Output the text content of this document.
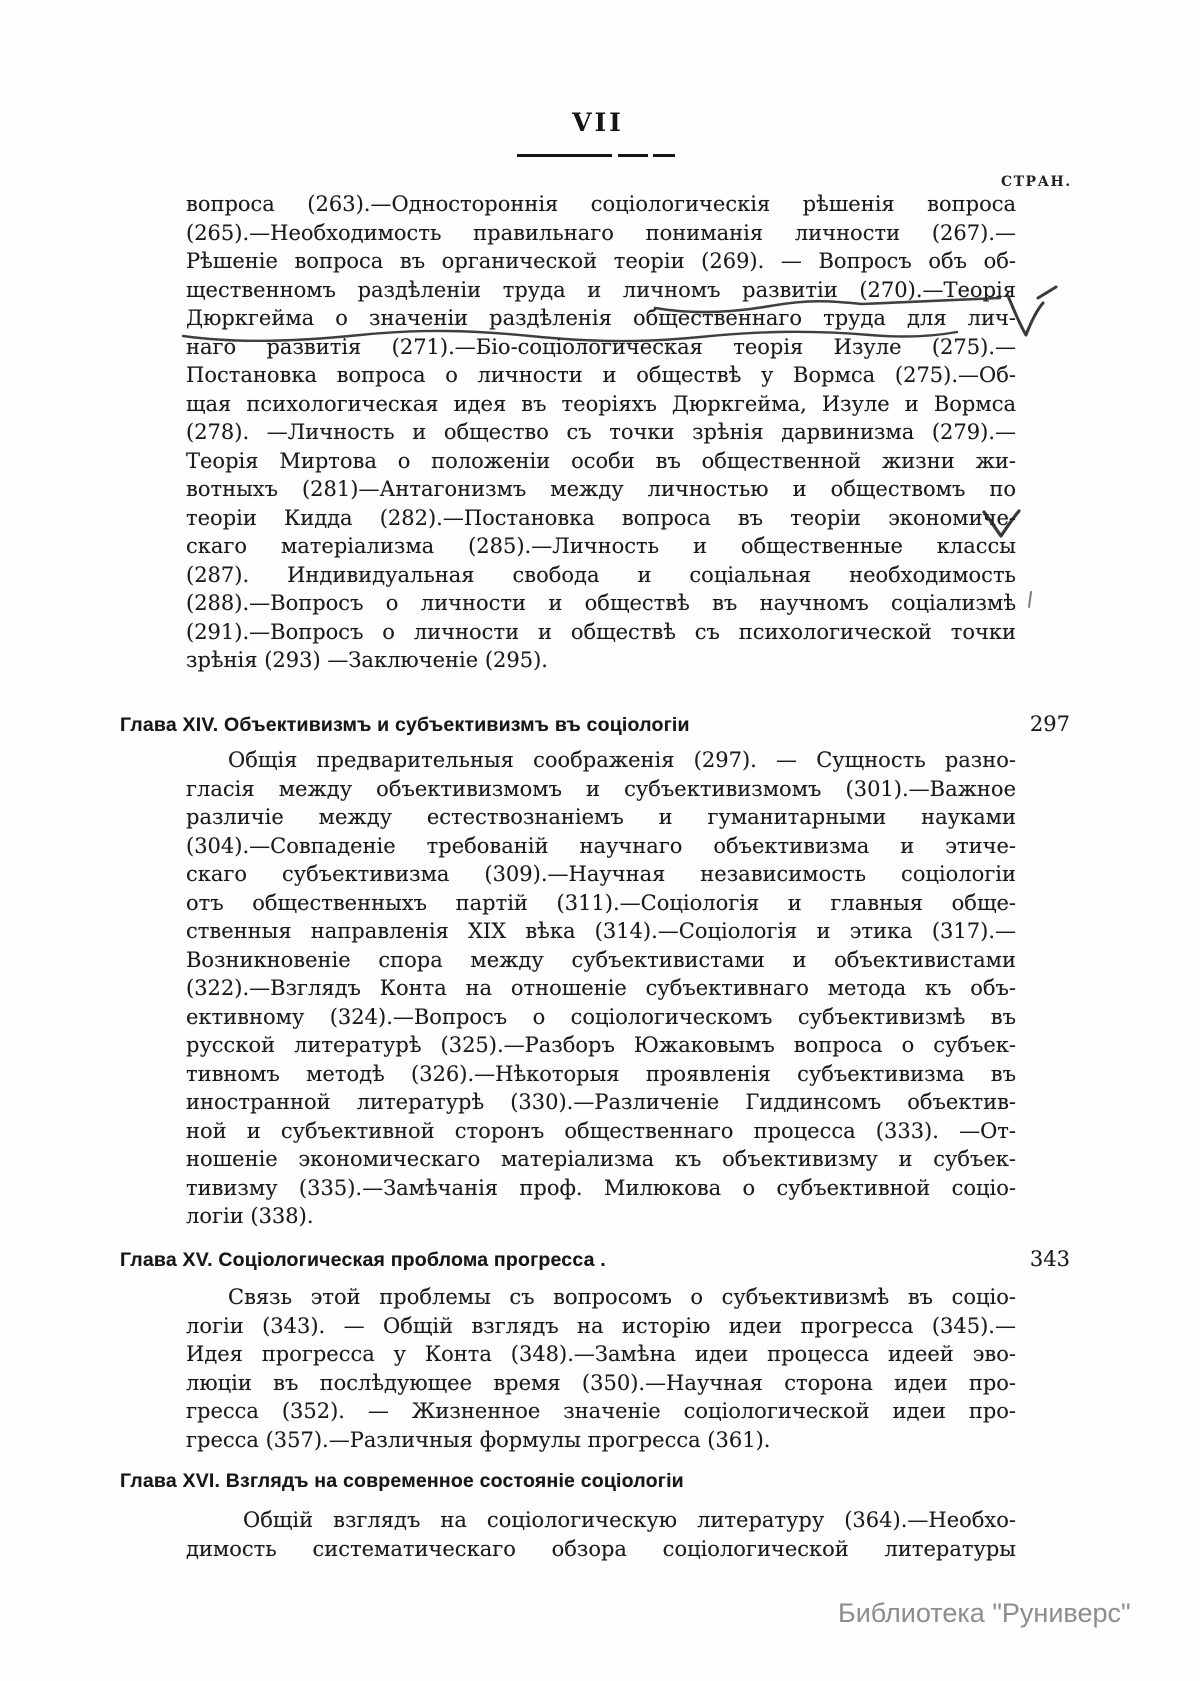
VII
СТРАН.
вопроса (263).—Одностороннія соціологическія рѣшенія вопроса
(265).—Необходимость правильнаго пониманія личности (267).—
Рѣшеніе вопроса въ органической теоріи (269). — Вопросъ объ об-
щественномъ раздѣленіи труда и личномъ развитіи (270).—Теорія
Дюркгейма о значеніи раздѣленія общественнаго труда для лич-
наго развитія (271).—Біо-соціологическая теорія Изуле (275).—
Постановка вопроса о личности и обществѣ у Вормса (275).—Об-
щая психологическая идея въ теоріяхъ Дюркгейма, Изуле и Вормса
(278). —Личность и общество съ точки зрѣнія дарвинизма (279).—
Теорія Миртова о положеніи особи въ общественной жизни жи-
вотныхъ (281)—Антагонизмъ между личностью и обществомъ по
теоріи Кидда (282).—Постановка вопроса въ теоріи экономиче-
скаго матеріализма (285).—Личность и общественные классы
(287). Индивидуальная свобода и соціальная необходимость
(288).—Вопросъ о личности и обществѣ въ научномъ соціализмѣ
(291).—Вопросъ о личности и обществѣ съ психологической точки
зрѣнія (293) —Заключеніе (295).
Глава XIV. Объективизмъ и субъективизмъ въ соціологіи	297
Общія предварительныя соображенія (297). — Сущность разно-
гласія между объективизмомъ и субъективизмомъ (301).—Важное
различіе между естествознаніемъ и гуманитарными науками
(304).—Совпаденіе требованій научнаго объективизма и этиче-
скаго субъективизма (309).—Научная независимость соціологіи
отъ общественныхъ партій (311).—Соціологія и главныя обще-
ственныя направленія XIX вѣка (314).—Соціологія и этика (317).—
Возникновеніе спора между субъективистами и объективистами
(322).—Взглядъ Конта на отношеніе субъективнаго метода къ объ-
ективному (324).—Вопросъ о соціологическомъ субъективизмѣ въ
русской литературѣ (325).—Разборъ Южаковымъ вопроса о субъек-
тивномъ методѣ (326).—Нѣкоторыя проявленія субъективизма въ
иностранной литературѣ (330).—Различеніе Гиддинсомъ объектив-
ной и субъективной сторонъ общественнаго процесса (333). —От-
ношеніе экономическаго матеріализма къ объективизму и субъек-
тивизму (335).—Замѣчанія проф. Милюкова о субъективной соціо-
логіи (338).
Глава XV. Соціологическая проблома прогресса .	343
Связь этой проблемы съ вопросомъ о субъективизмѣ въ соціо-
логіи (343). — Общій взглядъ на исторію идеи прогресса (345).—
Идея прогресса у Конта (348).—Замѣна идеи процесса идеей эво-
люціи въ послѣдующее время (350).—Научная сторона идеи про-
гресса (352). — Жизненное значеніе соціологической идеи про-
гресса (357).—Различныя формулы прогресса (361).
Глава XVI. Взглядъ на современное состояніе соціологіи
Общій взглядъ на соціологическую литературу (364).—Необхо-
димость систематическаго обзора соціологической литературы
Библиотека "Руниверс"
